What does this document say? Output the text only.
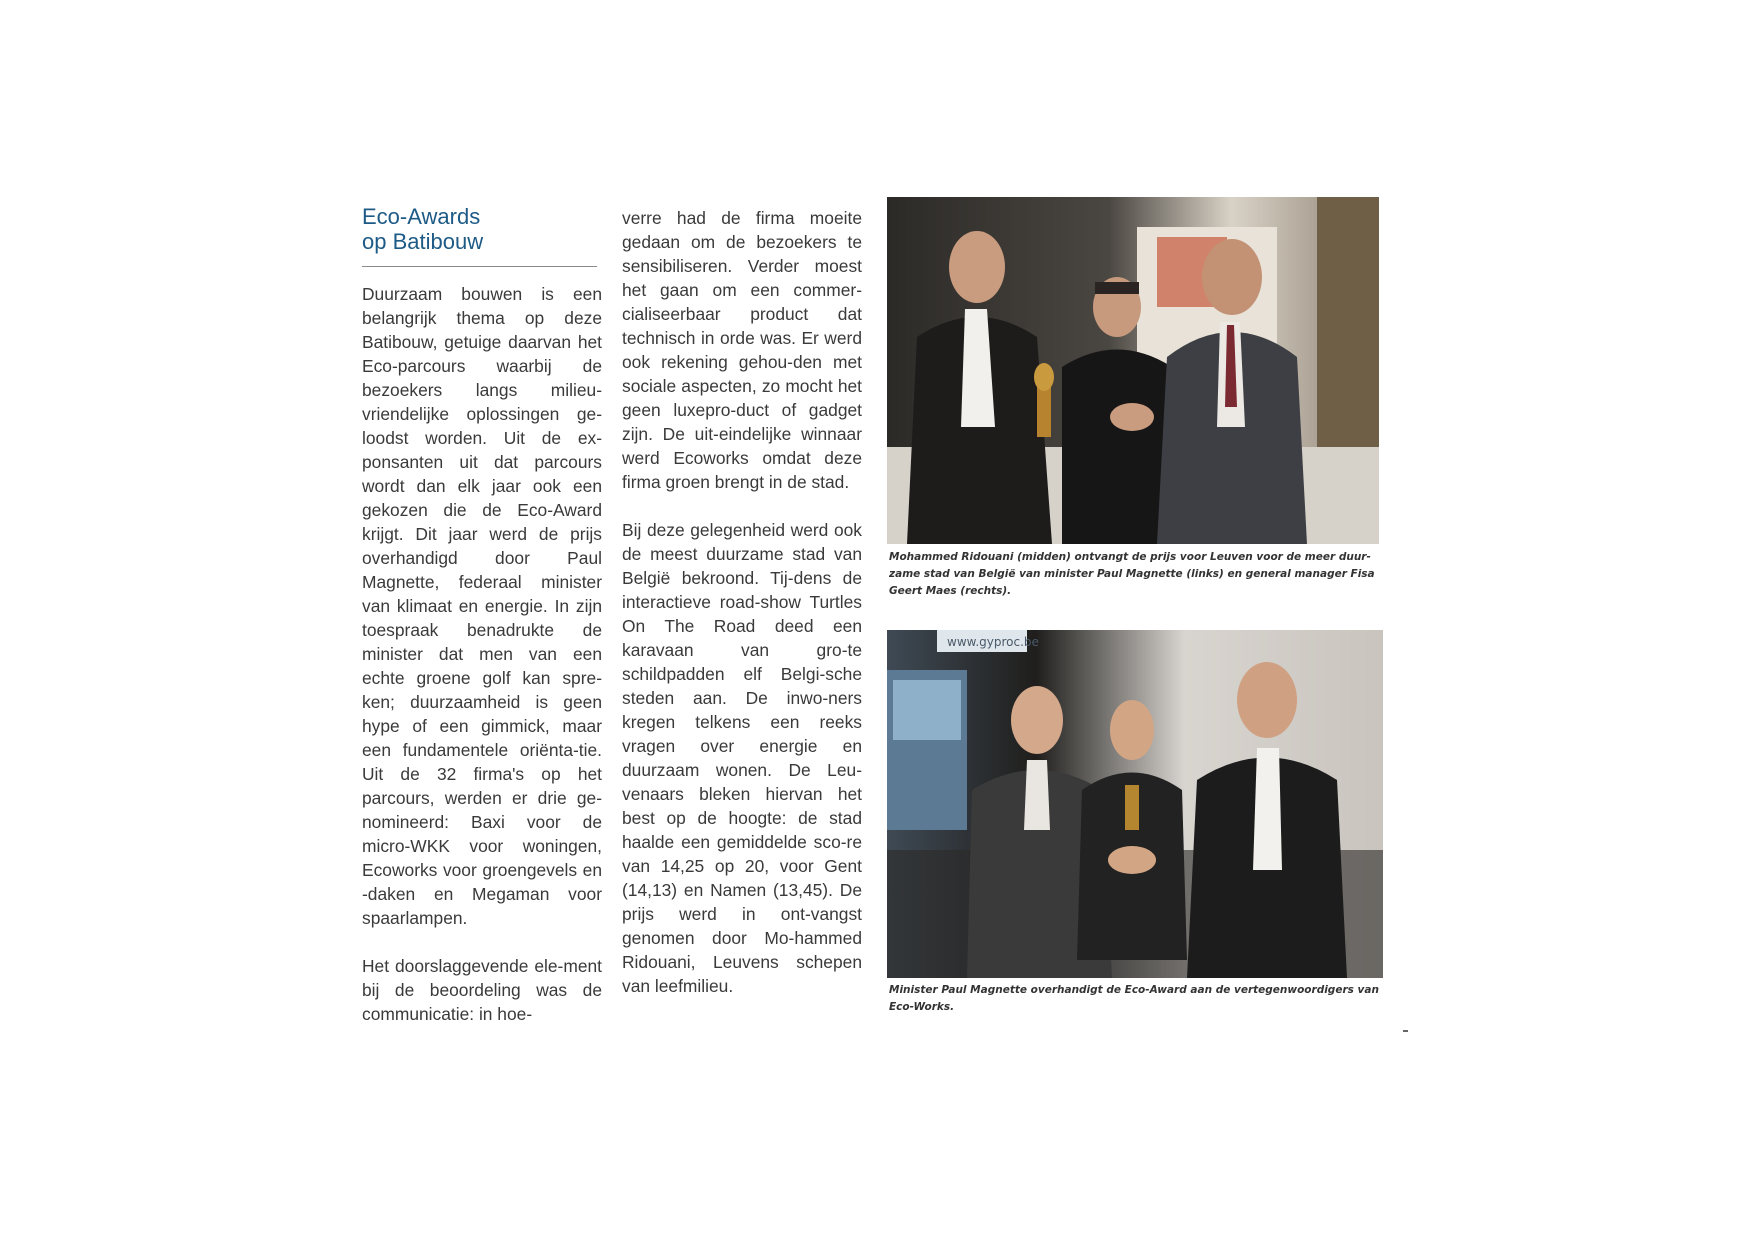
Eco-Awards
op Batibouw

Duurzaam bouwen is een belangrijk thema op deze Batibouw, getuige daarvan het Eco-parcours waarbij de bezoekers langs milieu-vriendelijke oplossingen ge-loodst worden. Uit de ex-ponsanten uit dat parcours wordt dan elk jaar ook een gekozen die de Eco-Award krijgt. Dit jaar werd de prijs overhandigd door Paul Magnette, federaal minister van klimaat en energie. In zijn toespraak benadrukte de minister dat men van een echte groene golf kan spre-ken; duurzaamheid is geen hype of een gimmick, maar een fundamentele oriënta-tie. Uit de 32 firma's op het parcours, werden er drie ge-nomineerd: Baxi voor de micro-WKK voor woningen, Ecoworks voor groengevels en -daken en Megaman voor spaarlampen.

Het doorslaggevende ele-ment bij de beoordeling was de communicatie: in hoe-

verre had de firma moeite gedaan om de bezoekers te sensibiliseren. Verder moest het gaan om een commer-cialiseerbaar product dat technisch in orde was. Er werd ook rekening gehou-den met sociale aspecten, zo mocht het geen luxepro-duct of gadget zijn. De uit-eindelijke winnaar werd Ecoworks omdat deze firma groen brengt in de stad.

Bij deze gelegenheid werd ook de meest duurzame stad van België bekroond. Tij-dens de interactieve road-show Turtles On The Road deed een karavaan van gro-te schildpadden elf Belgi-sche steden aan. De inwo-ners kregen telkens een reeks vragen over energie en duurzaam wonen. De Leu-venaars bleken hiervan het best op de hoogte: de stad haalde een gemiddelde sco-re van 14,25 op 20, voor Gent (14,13) en Namen (13,45). De prijs werd in ont-vangst genomen door Mo-hammed Ridouani, Leuvens schepen van leefmilieu.

Mohammed Ridouani (midden) ontvangt de prijs voor Leuven voor de meer duur-zame stad van België van minister Paul Magnette (links) en general manager Fisa Geert Maes (rechts).
www.gyproc.be
Minister Paul Magnette overhandigt de Eco-Award aan de vertegenwoordigers van Eco-Works.
